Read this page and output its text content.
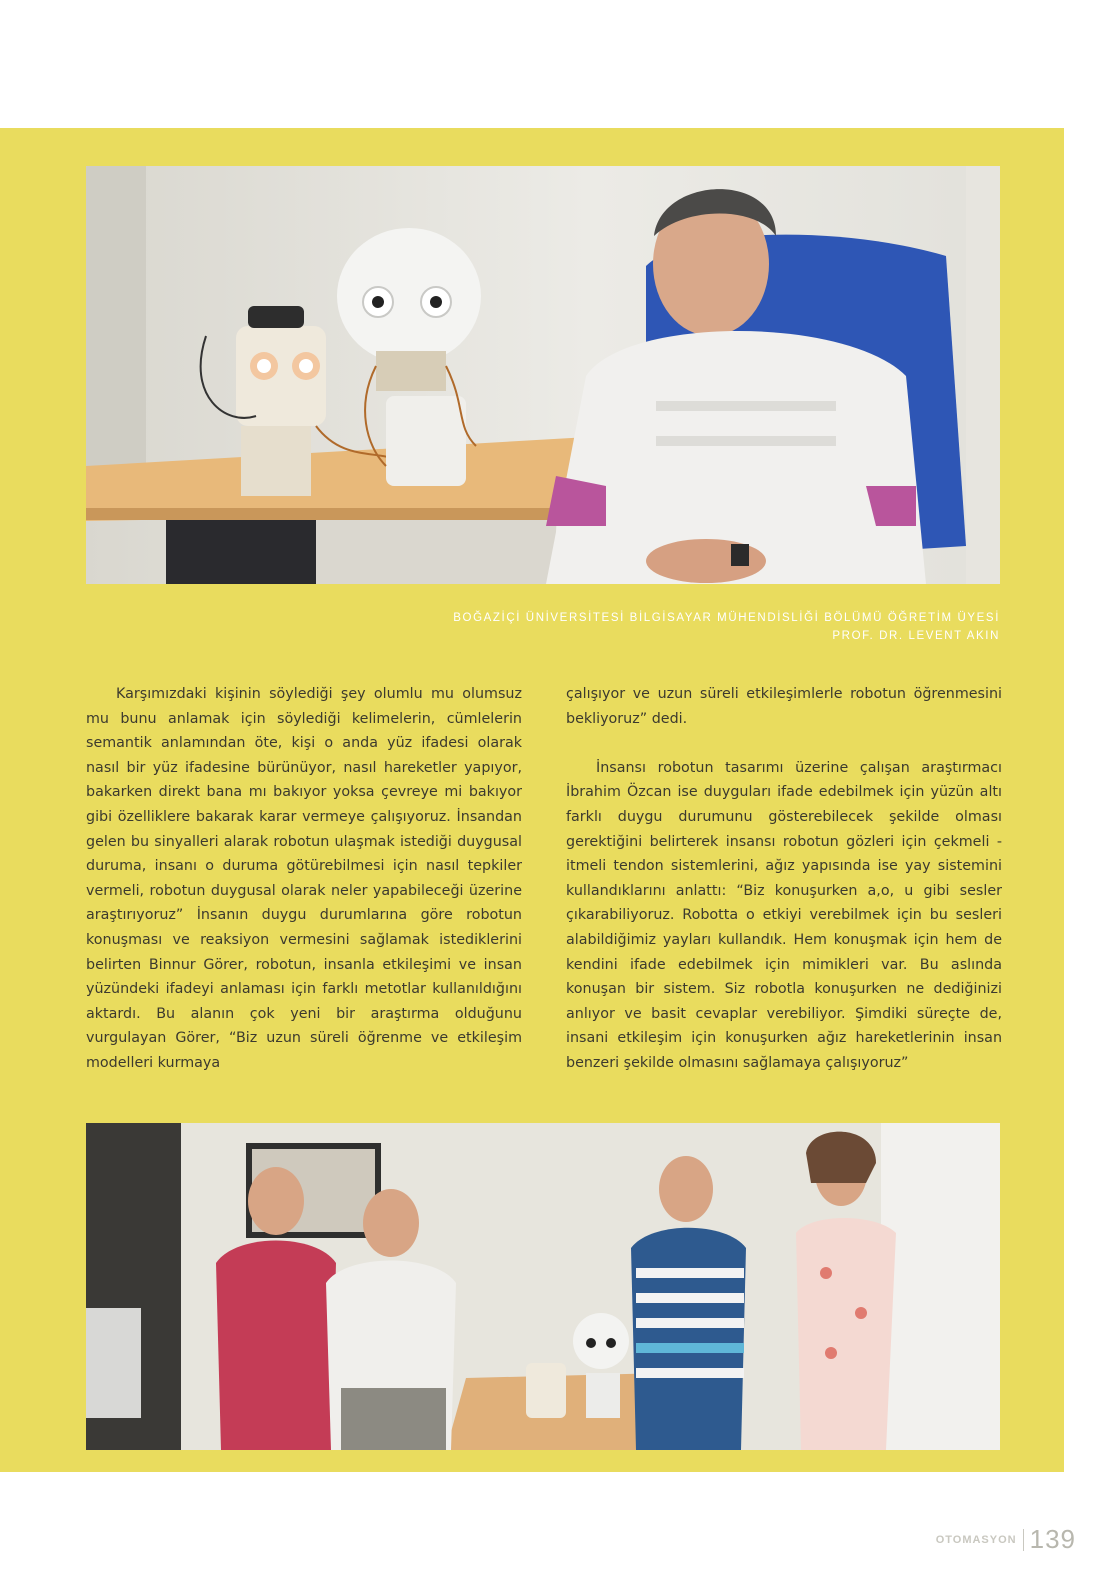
BOĞAZİÇİ ÜNİVERSİTESİ BİLGİSAYAR MÜHENDİSLİĞİ BÖLÜMÜ ÖĞRETİM ÜYESİ
PROF. DR. LEVENT AKIN

Karşımızdaki kişinin söylediği şey olumlu mu olumsuz mu bunu anlamak için söylediği kelimelerin, cümlelerin semantik anlamından öte, kişi o anda yüz ifadesi olarak nasıl bir yüz ifadesine bürünüyor, nasıl hareketler yapıyor, bakarken direkt bana mı bakıyor yoksa çevreye mi bakıyor gibi özelliklere bakarak karar vermeye çalışıyoruz. İnsandan gelen bu sinyalleri alarak robotun ulaşmak istediği duygusal duruma, insanı o duruma götürebilmesi için nasıl tepkiler vermeli, robotun duygusal olarak neler yapabileceği üzerine araştırıyoruz” İnsanın duygu durumlarına göre robotun konuşması ve reaksiyon vermesini sağlamak istediklerini belirten Binnur Görer, robotun, insanla etkileşimi ve insan yüzündeki ifadeyi anlaması için farklı metotlar kullanıldığını aktardı. Bu alanın çok yeni bir araştırma olduğunu vurgulayan Görer, “Biz uzun süreli öğrenme ve etkileşim modelleri kurmaya

çalışıyor ve uzun süreli etkileşimlerle robotun öğrenmesini bekliyoruz” dedi.

İnsansı robotun tasarımı üzerine çalışan araştırmacı İbrahim Özcan ise duyguları ifade edebilmek için yüzün altı farklı duygu durumunu gösterebilecek şekilde olması gerektiğini belirterek insansı robotun gözleri için çekmeli -itmeli tendon sistemlerini, ağız yapısında ise yay sistemini kullandıklarını anlattı: “Biz konuşurken a,o, u gibi sesler çıkarabiliyoruz. Robotta o etkiyi verebilmek için bu sesleri alabildiğimiz yayları kullandık. Hem konuşmak için hem de kendini ifade edebilmek için mimikleri var. Bu aslında konuşan bir sistem. Siz robotla konuşurken ne dediğinizi anlıyor ve basit cevaplar verebiliyor. Şimdiki süreçte de, insani etkileşim için konuşurken ağız hareketlerinin insan benzeri şekilde olmasını sağlamaya çalışıyoruz”

OTOMASYON 139
